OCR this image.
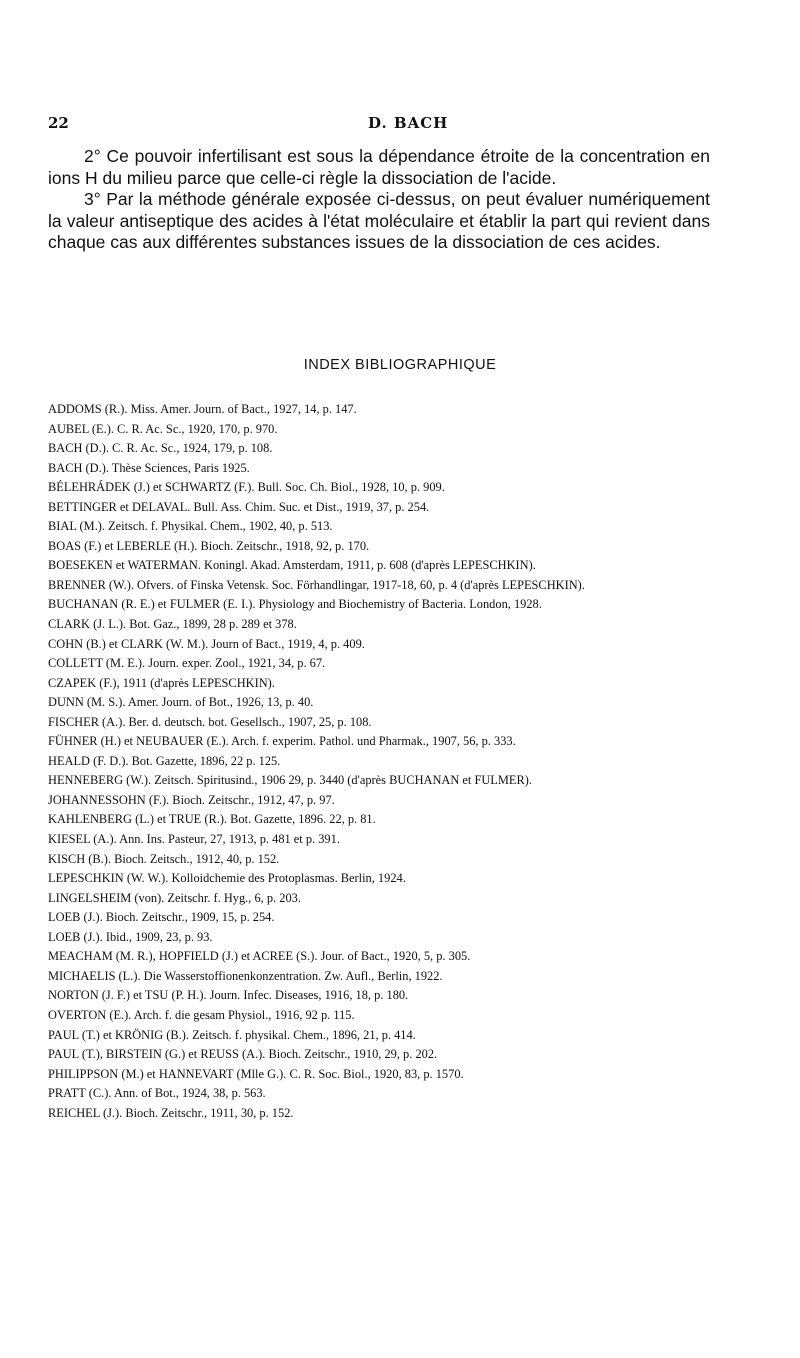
22	D. BACH

2° Ce pouvoir infertilisant est sous la dépendance étroite de la concentration en ions H du milieu parce que celle-ci règle la dissociation de l'acide.

3° Par la méthode générale exposée ci-dessus, on peut évaluer numériquement la valeur antiseptique des acides à l'état moléculaire et établir la part qui revient dans chaque cas aux différentes substances issues de la dissociation de ces acides.

INDEX BIBLIOGRAPHIQUE
ADDOMS (R.). Miss. Amer. Journ. of Bact., 1927, 14, p. 147.
AUBEL (E.). C. R. Ac. Sc., 1920, 170, p. 970.
BACH (D.). C. R. Ac. Sc., 1924, 179, p. 108.
BACH (D.). Thèse Sciences, Paris 1925.
BÉLEHRÁDEK (J.) et SCHWARTZ (F.). Bull. Soc. Ch. Biol., 1928, 10, p. 909.
BETTINGER et DELAVAL. Bull. Ass. Chim. Suc. et Dist., 1919, 37, p. 254.
BIAL (M.). Zeitsch. f. Physikal. Chem., 1902, 40, p. 513.
BOAS (F.) et LEBERLE (H.). Bioch. Zeitschr., 1918, 92, p. 170.
BOESEKEN et WATERMAN. Koningl. Akad. Amsterdam, 1911, p. 608 (d'après LEPESCHKIN).
BRENNER (W.). Ofvers. of Finska Vetensk. Soc. Förhandlingar, 1917-18, 60, p. 4 (d'après LEPESCHKIN).
BUCHANAN (R. E.) et FULMER (E. I.). Physiology and Biochemistry of Bacteria. London, 1928.
CLARK (J. L.). Bot. Gaz., 1899, 28 p. 289 et 378.
COHN (B.) et CLARK (W. M.). Journ of Bact., 1919, 4, p. 409.
COLLETT (M. E.). Journ. exper. Zool., 1921, 34, p. 67.
CZAPEK (F.), 1911 (d'après LEPESCHKIN).
DUNN (M. S.). Amer. Journ. of Bot., 1926, 13, p. 40.
FISCHER (A.). Ber. d. deutsch. bot. Gesellsch., 1907, 25, p. 108.
FÜHNER (H.) et NEUBAUER (E.). Arch. f. experim. Pathol. und Pharmak., 1907, 56, p. 333.
HEALD (F. D.). Bot. Gazette, 1896, 22 p. 125.
HENNEBERG (W.). Zeitsch. Spiritusind., 1906 29, p. 3440 (d'après BUCHANAN et FULMER).
JOHANNESSOHN (F.). Bioch. Zeitschr., 1912, 47, p. 97.
KAHLENBERG (L.) et TRUE (R.). Bot. Gazette, 1896. 22, p. 81.
KIESEL (A.). Ann. Ins. Pasteur, 27, 1913, p. 481 et p. 391.
KISCH (B.). Bioch. Zeitsch., 1912, 40, p. 152.
LEPESCHKIN (W. W.). Kolloidchemie des Protoplasmas. Berlin, 1924.
LINGELSHEIM (von). Zeitschr. f. Hyg., 6, p. 203.
LOEB (J.). Bioch. Zeitschr., 1909, 15, p. 254.
LOEB (J.). Ibid., 1909, 23, p. 93.
MEACHAM (M. R.), HOPFIELD (J.) et ACREE (S.). Jour. of Bact., 1920, 5, p. 305.
MICHAELIS (L.). Die Wasserstoffionenkonzentration. Zw. Aufl., Berlin, 1922.
NORTON (J. F.) et TSU (P. H.). Journ. Infec. Diseases, 1916, 18, p. 180.
OVERTON (E.). Arch. f. die gesam Physiol., 1916, 92 p. 115.
PAUL (T.) et KRÖNIG (B.). Zeitsch. f. physikal. Chem., 1896, 21, p. 414.
PAUL (T.), BIRSTEIN (G.) et REUSS (A.). Bioch. Zeitschr., 1910, 29, p. 202.
PHILIPPSON (M.) et HANNEVART (Mlle G.). C. R. Soc. Biol., 1920, 83, p. 1570.
PRATT (C.). Ann. of Bot., 1924, 38, p. 563.
REICHEL (J.). Bioch. Zeitschr., 1911, 30, p. 152.
